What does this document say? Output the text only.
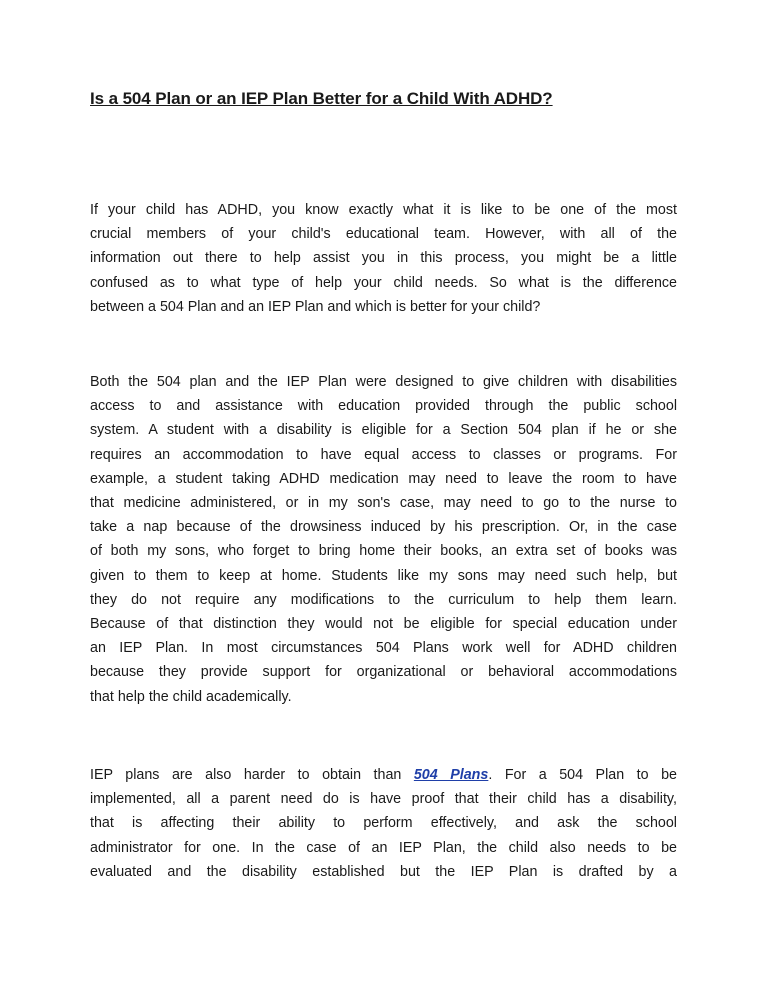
Is a 504 Plan or an IEP Plan Better for a Child With ADHD?

If your child has ADHD, you know exactly what it is like to be one of the most
crucial members of your child's educational team. However, with all of the
information out there to help assist you in this process, you might be a little
confused as to what type of help your child needs. So what is the difference
between a 504 Plan and an IEP Plan and which is better for your child?

Both the 504 plan and the IEP Plan were designed to give children with disabilities
access to and assistance with education provided through the public school
system. A student with a disability is eligible for a Section 504 plan if he or she
requires an accommodation to have equal access to classes or programs. For
example, a student taking ADHD medication may need to leave the room to have
that medicine administered, or in my son's case, may need to go to the nurse to
take a nap because of the drowsiness induced by his prescription. Or, in the case
of both my sons, who forget to bring home their books, an extra set of books was
given to them to keep at home. Students like my sons may need such help, but
they do not require any modifications to the curriculum to help them learn.
Because of that distinction they would not be eligible for special education under
an IEP Plan. In most circumstances 504 Plans work well for ADHD children
because they provide support for organizational or behavioral accommodations
that help the child academically.

IEP plans are also harder to obtain than 504 Plans. For a 504 Plan to be
implemented, all a parent need do is have proof that their child has a disability,
that is affecting their ability to perform effectively, and ask the school
administrator for one. In the case of an IEP Plan, the child also needs to be
evaluated and the disability established but the IEP Plan is drafted by a
